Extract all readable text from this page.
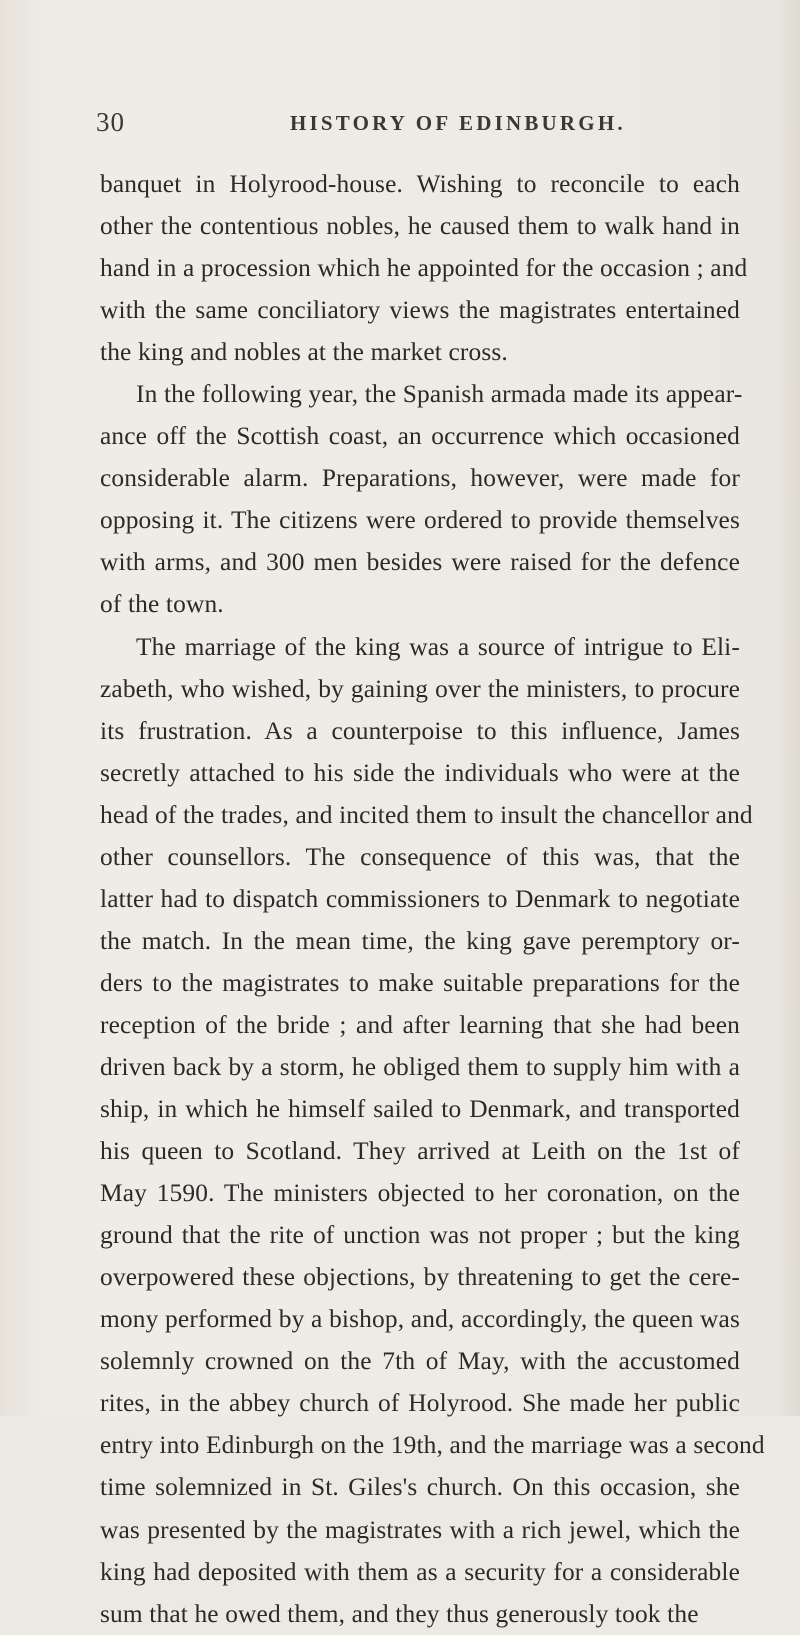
30	HISTORY OF EDINBURGH.
banquet in Holyrood-house. Wishing to reconcile to each
other the contentious nobles, he caused them to walk hand in
hand in a procession which he appointed for the occasion ; and
with the same conciliatory views the magistrates entertained
the king and nobles at the market cross.
In the following year, the Spanish armada made its appear-
ance off the Scottish coast, an occurrence which occasioned
considerable alarm. Preparations, however, were made for
opposing it. The citizens were ordered to provide themselves
with arms, and 300 men besides were raised for the defence
of the town.
The marriage of the king was a source of intrigue to Eli-
zabeth, who wished, by gaining over the ministers, to procure
its frustration. As a counterpoise to this influence, James
secretly attached to his side the individuals who were at the
head of the trades, and incited them to insult the chancellor and
other counsellors. The consequence of this was, that the
latter had to dispatch commissioners to Denmark to negotiate
the match. In the mean time, the king gave peremptory or-
ders to the magistrates to make suitable preparations for the
reception of the bride ; and after learning that she had been
driven back by a storm, he obliged them to supply him with a
ship, in which he himself sailed to Denmark, and transported
his queen to Scotland. They arrived at Leith on the 1st of
May 1590. The ministers objected to her coronation, on the
ground that the rite of unction was not proper ; but the king
overpowered these objections, by threatening to get the cere-
mony performed by a bishop, and, accordingly, the queen was
solemnly crowned on the 7th of May, with the accustomed
rites, in the abbey church of Holyrood. She made her public
entry into Edinburgh on the 19th, and the marriage was a second
time solemnized in St. Giles's church. On this occasion, she
was presented by the magistrates with a rich jewel, which the
king had deposited with them as a security for a considerable
sum that he owed them, and they thus generously took the
